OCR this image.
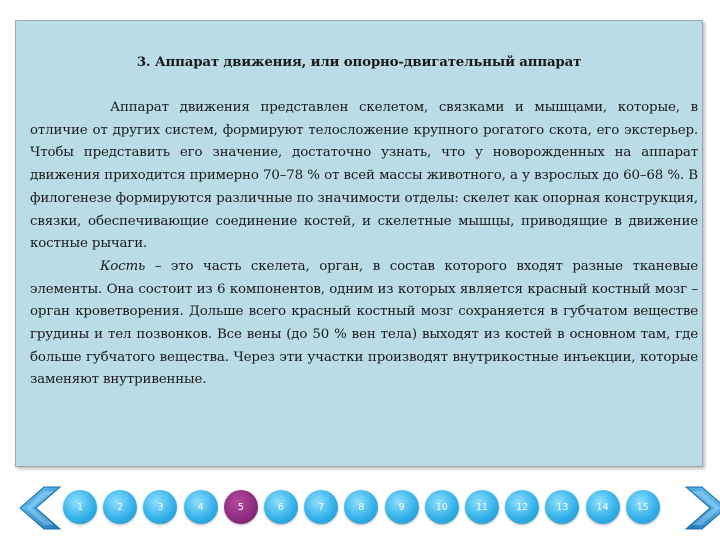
3. Аппарат движения, или опорно-двигательный аппарат

Аппарат движения представлен скелетом, связками и мышцами, которые, в отличие от других систем, формируют телосложение крупного рогатого скота, его экстерьер. Чтобы представить его значение, достаточно узнать, что у новорожденных на аппарат движения приходится примерно 70–78 % от всей массы животного, а у взрослых до 60–68 %. В филогенезе формируются различные по значимости отделы: скелет как опорная конструкция, связки, обеспечивающие соединение костей, и скелетные мышцы, приводящие в движение костные рычаги.

Кость – это часть скелета, орган, в состав которого входят разные тканевые элементы. Она состоит из 6 компонентов, одним из которых является красный костный мозг – орган кроветворения. Дольше всего красный костный мозг сохраняется в губчатом веществе грудины и тел позвонков. Все вены (до 50 % вен тела) выходят из костей в основном там, где больше губчатого вещества. Через эти участки производят внутрикостные инъекции, которые заменяют внутривенные.

1	2	3	4	5	6	7	8	9	10	11	12	13	14	15
